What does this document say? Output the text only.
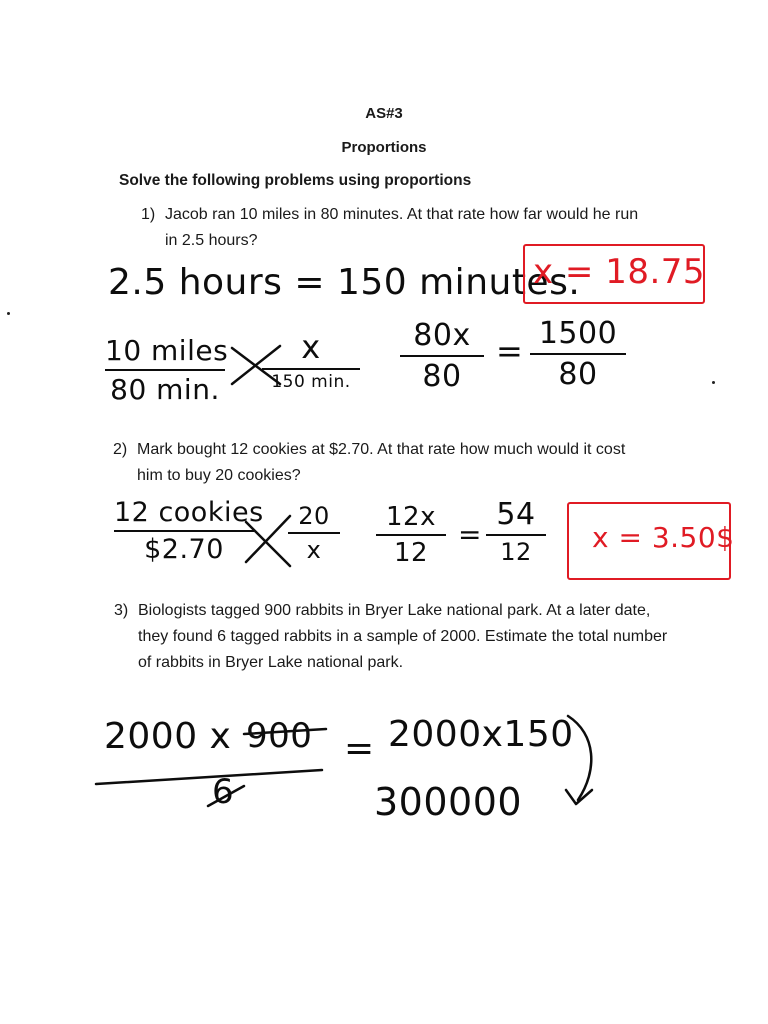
AS#3
Proportions
Solve the following problems using proportions
1) Jacob ran 10 miles in 80 minutes. At that rate how far would he run in 2.5 hours?
2.5 hours = 150 minutes.
x = 18.75
10 miles
80 min.
x
150 min.
80x
80
= 1500
80
2) Mark bought 12 cookies at $2.70. At that rate how much would it cost him to buy 20 cookies?
12 cookies
$2.70
20
x
12x
12
=
54
12	x = 3.50$
3) Biologists tagged 900 rabbits in Bryer Lake national park. At a later date, they found 6 tagged rabbits in a sample of 2000. Estimate the total number of rabbits in Bryer Lake national park.
2000 x 900
6
= 2000x150
300000
